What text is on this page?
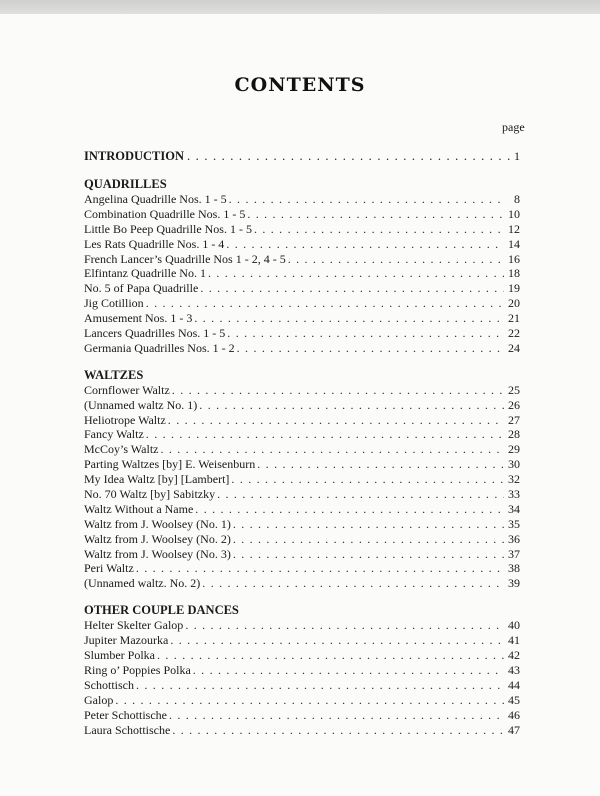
CONTENTS
page
INTRODUCTION . . .	1
QUADRILLES
Angelina Quadrille Nos. 1 - 5 . . .	8
Combination Quadrille Nos. 1 - 5 . . .	10
Little Bo Peep Quadrille Nos. 1 - 5 . . .	12
Les Rats Quadrille Nos. 1 - 4 . . .	14
French Lancer’s Quadrille Nos 1 - 2, 4 - 5 . . .	16
Elfintanz Quadrille No. 1 . . .	18
No. 5 of Papa Quadrille . . .	19
Jig Cotillion . . .	20
Amusement Nos. 1 - 3 . . .	21
Lancers Quadrilles Nos. 1 - 5 . . .	22
Germania Quadrilles Nos. 1 - 2 . . .	24
WALTZES
Cornflower Waltz . . .	25
(Unnamed waltz No. 1) . . .	26
Heliotrope Waltz . . .	27
Fancy Waltz . . .	28
McCoy’s Waltz . . .	29
Parting Waltzes [by] E. Weisenburn . . .	30
My Idea Waltz [by] [Lambert] . . .	32
No. 70 Waltz [by] Sabitzky . . .	33
Waltz Without a Name . . .	34
Waltz from J. Woolsey (No. 1) . . .	35
Waltz from J. Woolsey (No. 2) . . .	36
Waltz from J. Woolsey (No. 3) . . .	37
Peri Waltz . . .	38
(Unnamed waltz. No. 2) . . .	39
OTHER COUPLE DANCES
Helter Skelter Galop . . .	40
Jupiter Mazourka . . .	41
Slumber Polka . . .	42
Ring o’ Poppies Polka . . .	43
Schottisch . . .	44
Galop . . .	45
Peter Schottische . . .	46
Laura Schottische . . .	47
